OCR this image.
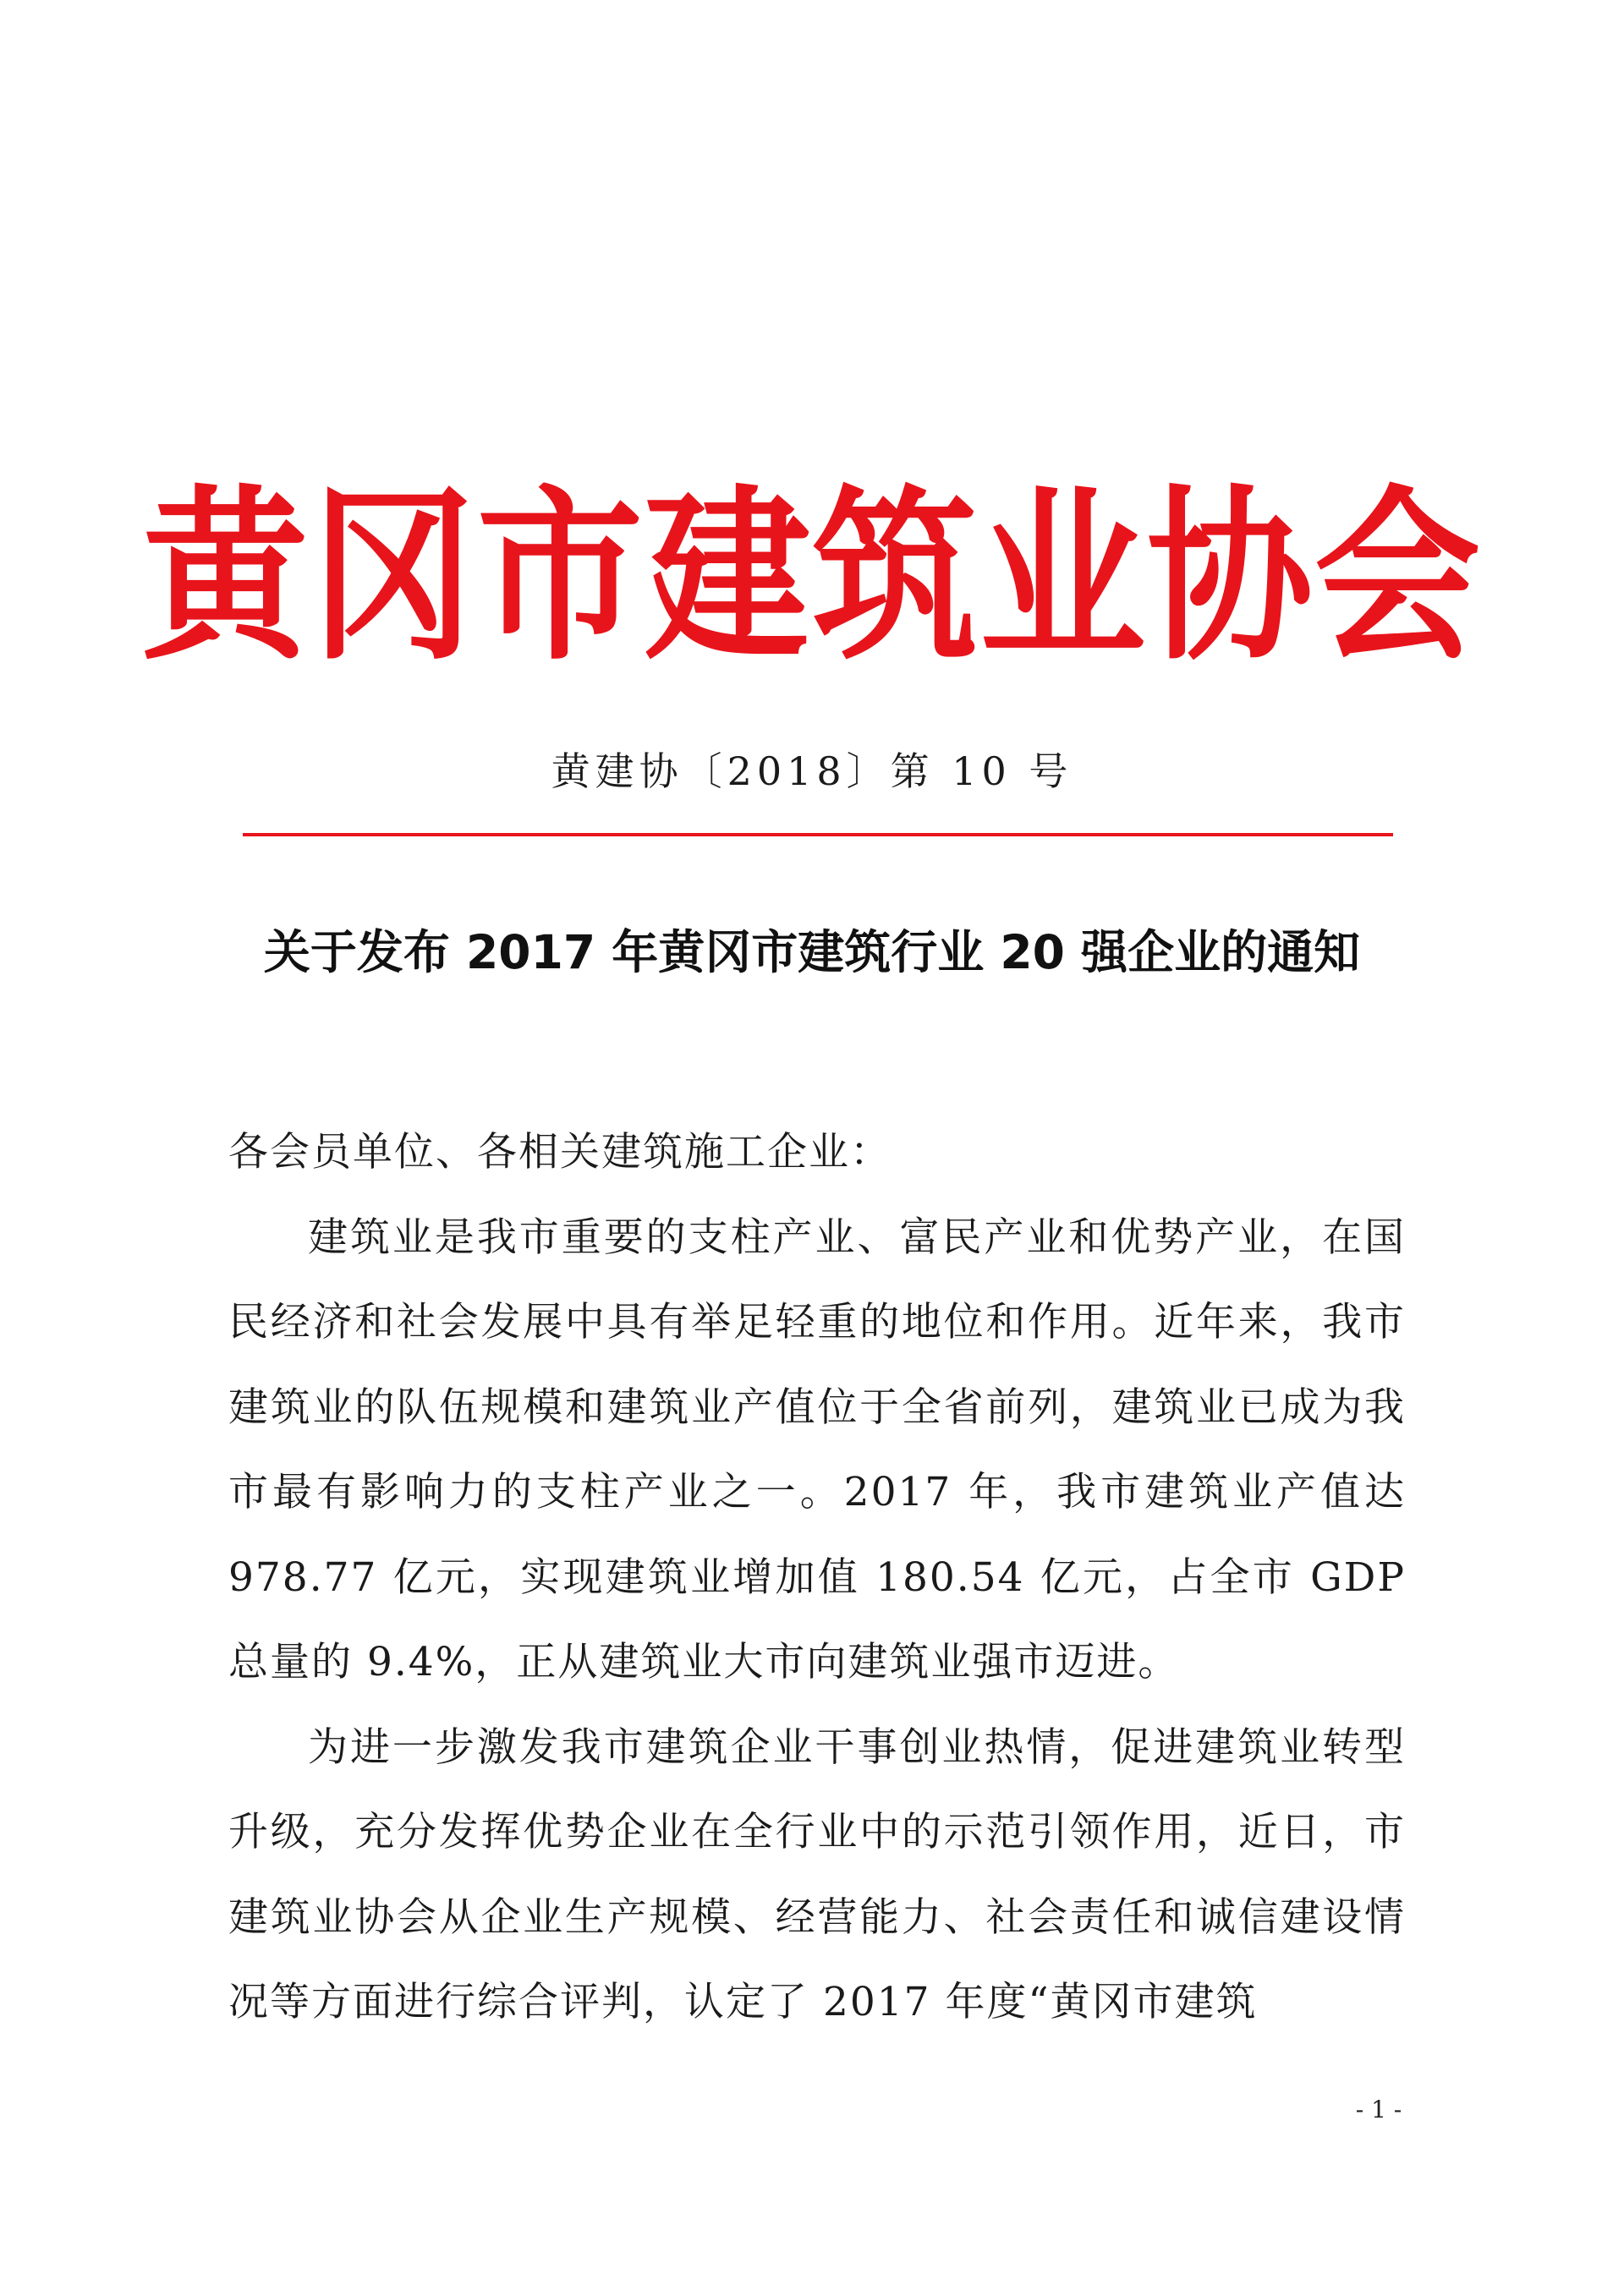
黄冈市建筑业协会
黄建协〔2018〕第 10 号
关于发布 2017 年黄冈市建筑行业 20 强企业的通知

各会员单位、各相关建筑施工企业：

建筑业是我市重要的支柱产业、富民产业和优势产业，在国民经济和社会发展中具有举足轻重的地位和作用。近年来，我市建筑业的队伍规模和建筑业产值位于全省前列，建筑业已成为我市最有影响力的支柱产业之一。2017 年，我市建筑业产值达 978.77 亿元，实现建筑业增加值 180.54 亿元，占全市 GDP 总量的 9.4%，正从建筑业大市向建筑业强市迈进。

为进一步激发我市建筑企业干事创业热情，促进建筑业转型升级，充分发挥优势企业在全行业中的示范引领作用，近日，市建筑业协会从企业生产规模、经营能力、社会责任和诚信建设情况等方面进行综合评判，认定了 2017 年度“黄冈市建筑

- 1 -
